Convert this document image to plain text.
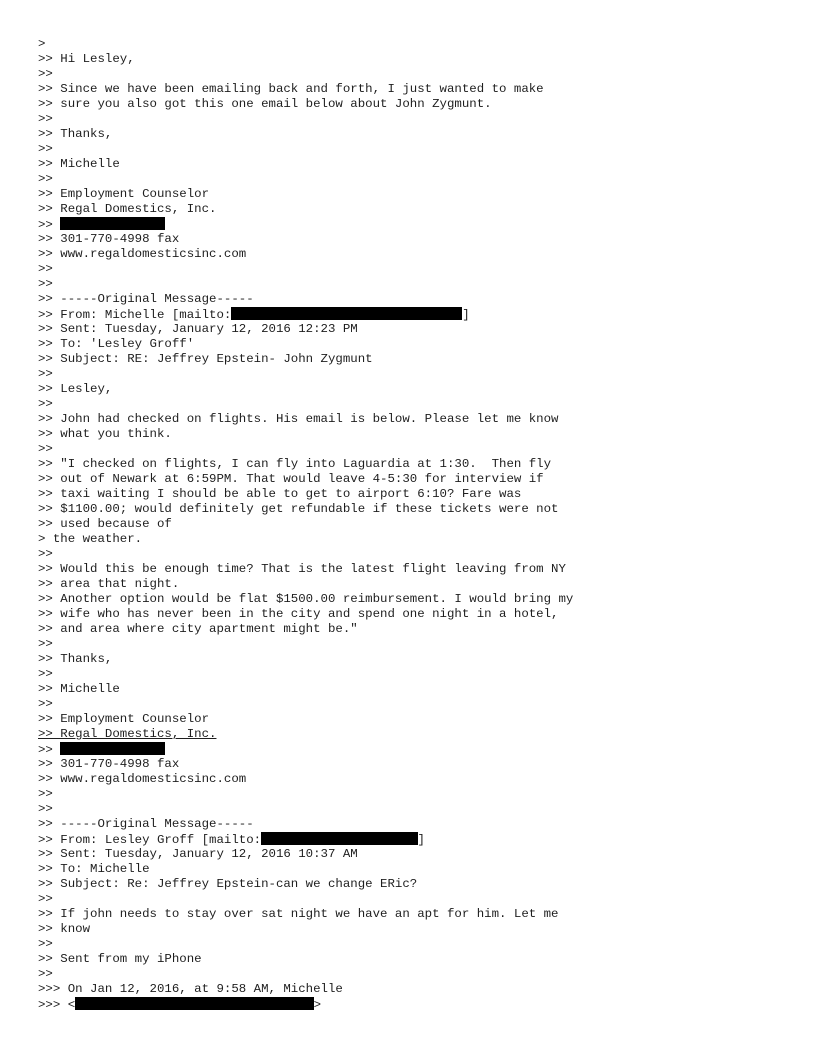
>
>> Hi Lesley,
>>
>> Since we have been emailing back and forth, I just wanted to make
>> sure you also got this one email below about John Zygmunt.
>>
>> Thanks,
>>
>> Michelle
>>
>> Employment Counselor
>> Regal Domestics, Inc.
>>
>> 301-770-4998 fax
>> www.regaldomesticsinc.com
>>
>>
>> -----Original Message-----
>> From: Michelle [mailto:	]
>> Sent: Tuesday, January 12, 2016 12:23 PM
>> To: 'Lesley Groff'
>> Subject: RE: Jeffrey Epstein- John Zygmunt
>>
>> Lesley,
>>
>> John had checked on flights. His email is below. Please let me know
>> what you think.
>>
>> "I checked on flights, I can fly into Laguardia at 1:30.  Then fly
>> out of Newark at 6:59PM. That would leave 4-5:30 for interview if
>> taxi waiting I should be able to get to airport 6:10? Fare was
>> $1100.00; would definitely get refundable if these tickets were not
>> used because of
> the weather.
>>
>> Would this be enough time? That is the latest flight leaving from NY
>> area that night.
>> Another option would be flat $1500.00 reimbursement. I would bring my
>> wife who has never been in the city and spend one night in a hotel,
>> and area where city apartment might be."
>>
>> Thanks,
>>
>> Michelle
>>
>> Employment Counselor
>> Regal Domestics, Inc.
>>
>> 301-770-4998 fax
>> www.regaldomesticsinc.com
>>
>>
>> -----Original Message-----
>> From: Lesley Groff [mailto:	]
>> Sent: Tuesday, January 12, 2016 10:37 AM
>> To: Michelle
>> Subject: Re: Jeffrey Epstein-can we change ERic?
>>
>> If john needs to stay over sat night we have an apt for him. Let me
>> know
>>
>> Sent from my iPhone
>>
>>> On Jan 12, 2016, at 9:58 AM, Michelle
>>> <	>
